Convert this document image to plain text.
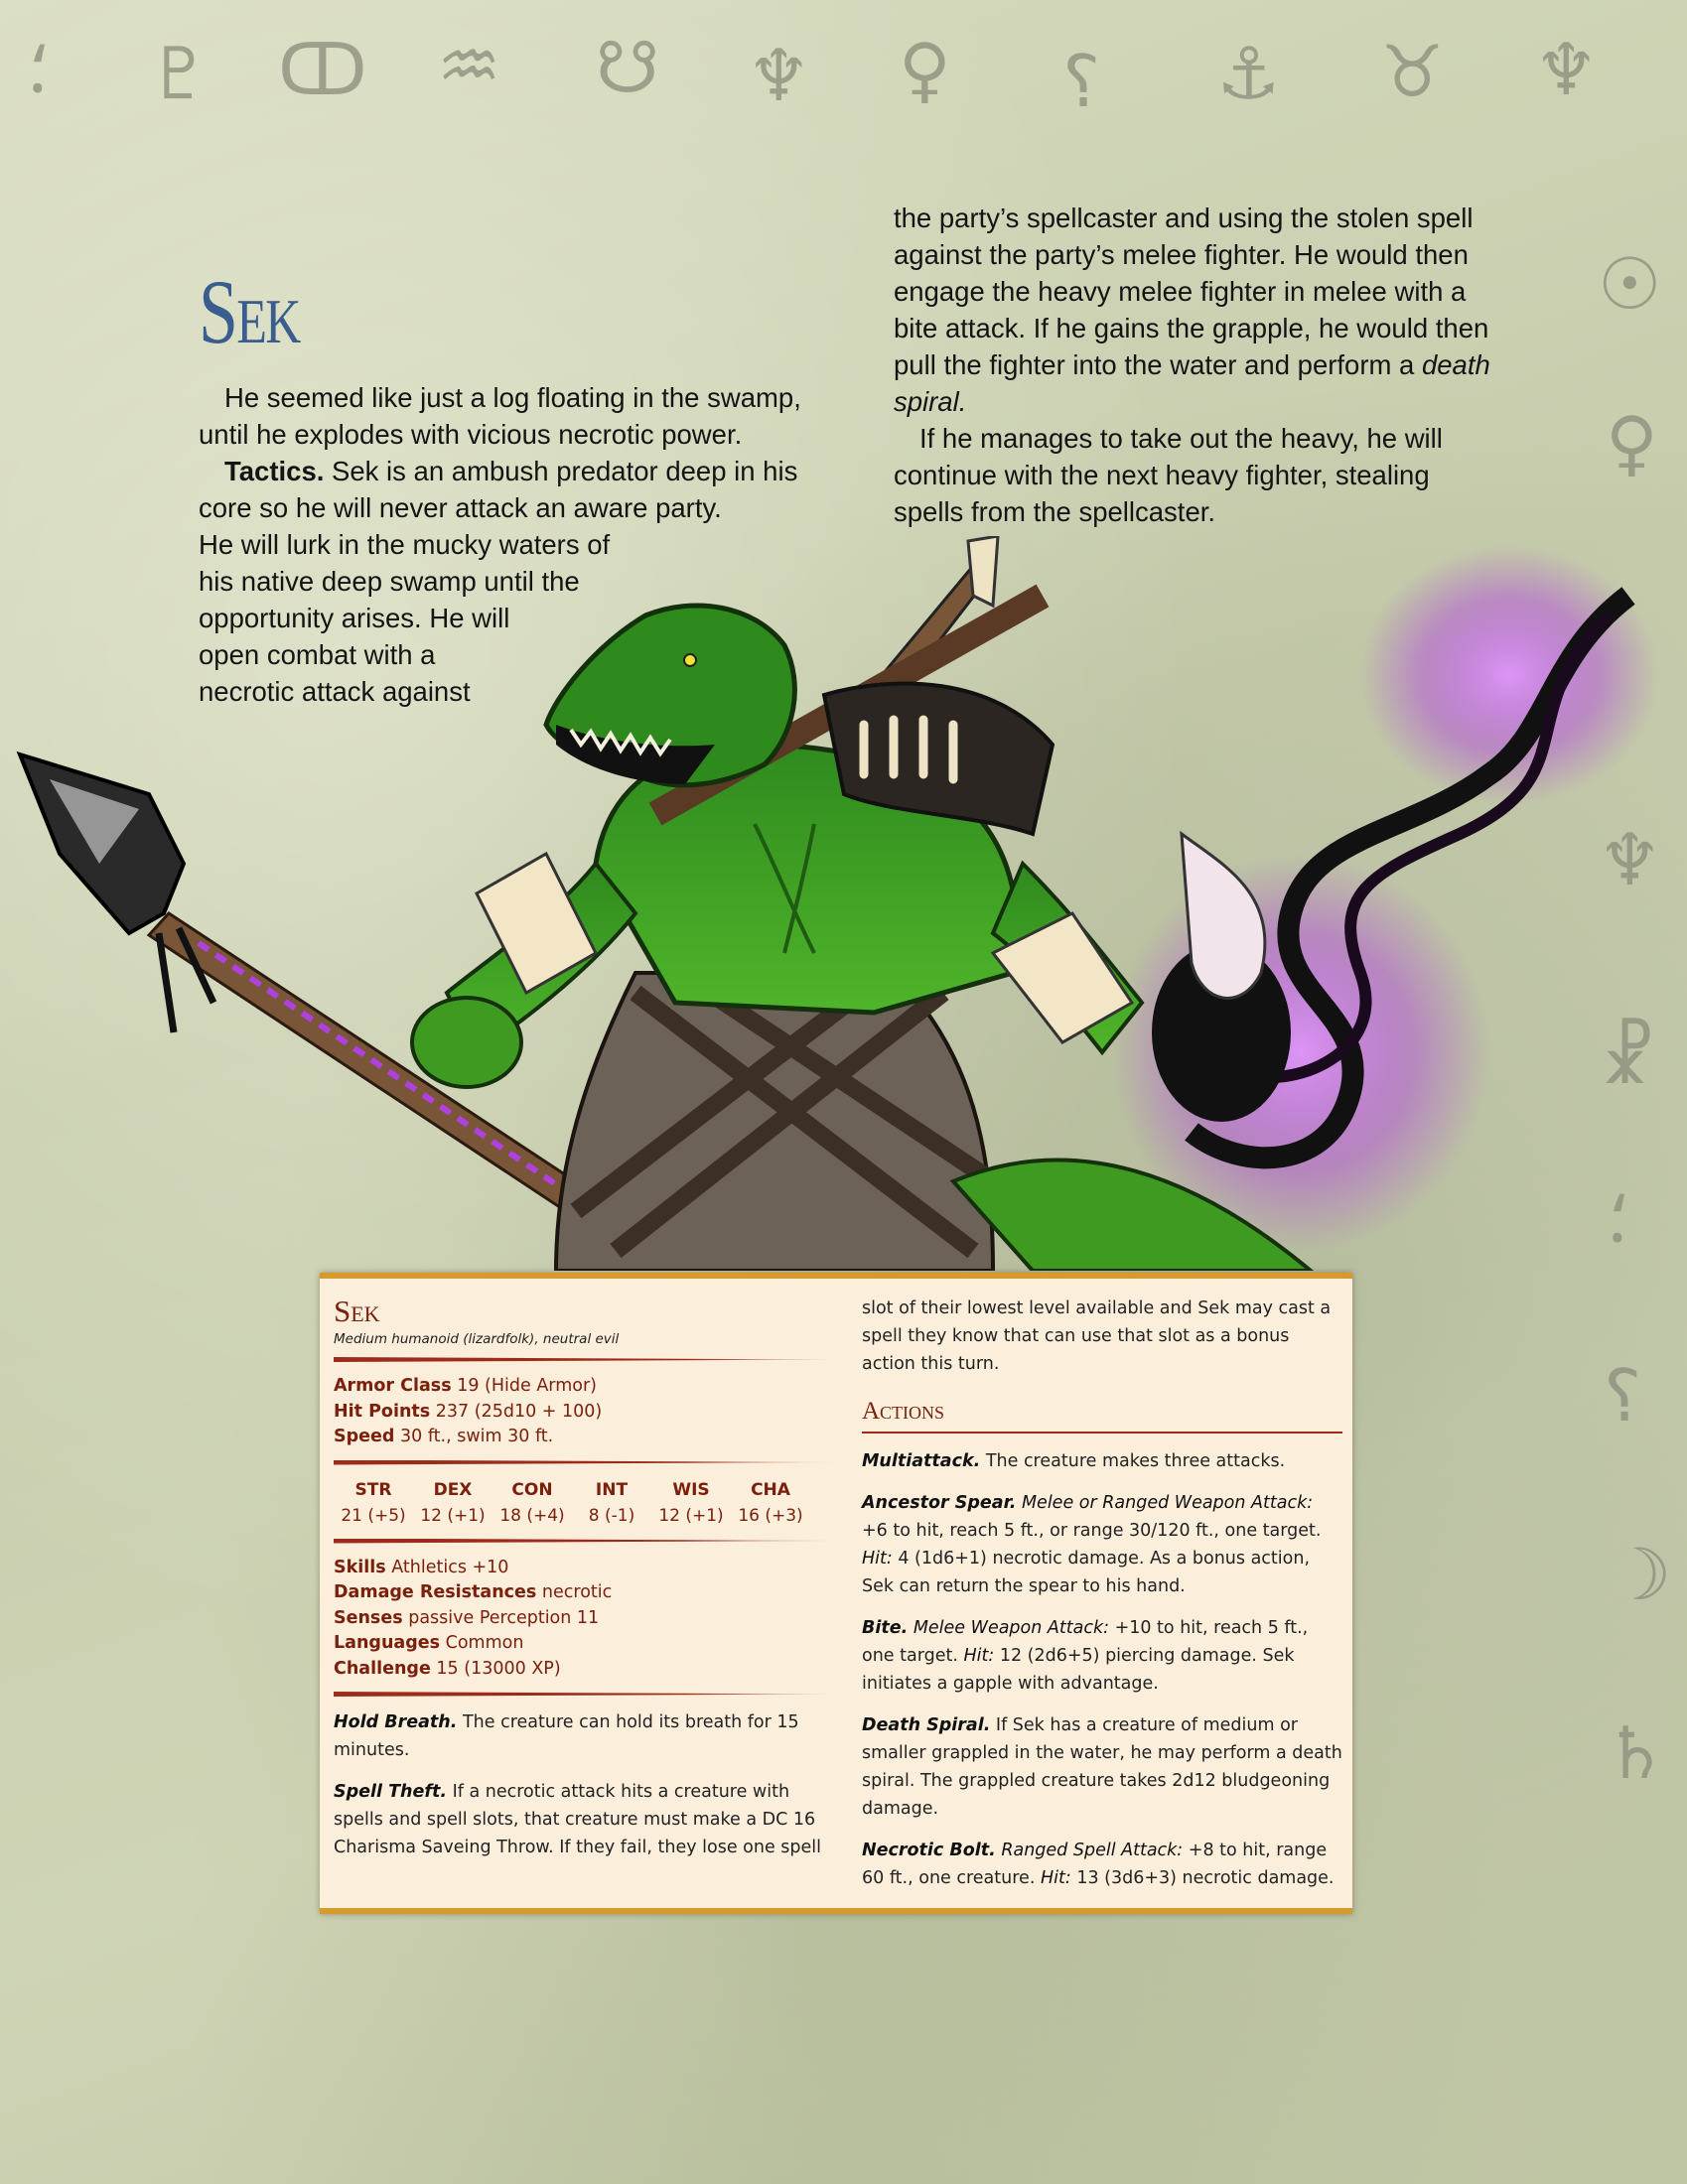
⸵ ♇ ↀ ♒ ☋ ♆ ♀ ⸮ ⚓ ♉ ♆
☉
♀
♆
☧
⸵
⸮
☽
♄
Sek

He seemed like just a log floating in the swamp, until he explodes with vicious necrotic power.

Tactics. Sek is an ambush predator deep in his
core so he will never attack an aware party.
He will lurk in the mucky waters of
his native deep swamp until the
opportunity arises. He will
open combat with a
necrotic attack against

the party’s spellcaster and using the stolen spell against the party’s melee fighter. He would then engage the heavy melee fighter in melee with a bite attack. If he gains the grapple, he would then pull the fighter into the water and perform a death spiral.

If he manages to take out the heavy, he will continue with the next heavy fighter, stealing spells from the spellcaster.

Sek
Medium humanoid (lizardfolk), neutral evil
Armor Class 19 (Hide Armor)
Hit Points 237 (25d10 + 100)
Speed 30 ft., swim 30 ft.
STR
21 (+5)
DEX
12 (+1)
CON
18 (+4)
INT
8 (-1)
WIS
12 (+1)
CHA
16 (+3)
Skills Athletics +10
Damage Resistances necrotic
Senses passive Perception 11
Languages Common
Challenge 15 (13000 XP)
Hold Breath. The creature can hold its breath for 15 minutes.
Spell Theft. If a necrotic attack hits a creature with spells and spell slots, that creature must make a DC 16 Charisma Saveing Throw. If they fail, they lose one spell
slot of their lowest level available and Sek may cast a spell they know that can use that slot as a bonus action this turn.
Actions
Multiattack. The creature makes three attacks.
Ancestor Spear. Melee or Ranged Weapon Attack: +6 to hit, reach 5 ft., or range 30/120 ft., one target. Hit: 4 (1d6+1) necrotic damage. As a bonus action, Sek can return the spear to his hand.
Bite. Melee Weapon Attack: +10 to hit, reach 5 ft., one target. Hit: 12 (2d6+5) piercing damage. Sek initiates a gapple with advantage.
Death Spiral. If Sek has a creature of medium or smaller grappled in the water, he may perform a death spiral. The grappled creature takes 2d12 bludgeoning damage.
Necrotic Bolt. Ranged Spell Attack: +8 to hit, range 60 ft., one creature. Hit: 13 (3d6+3) necrotic damage.
